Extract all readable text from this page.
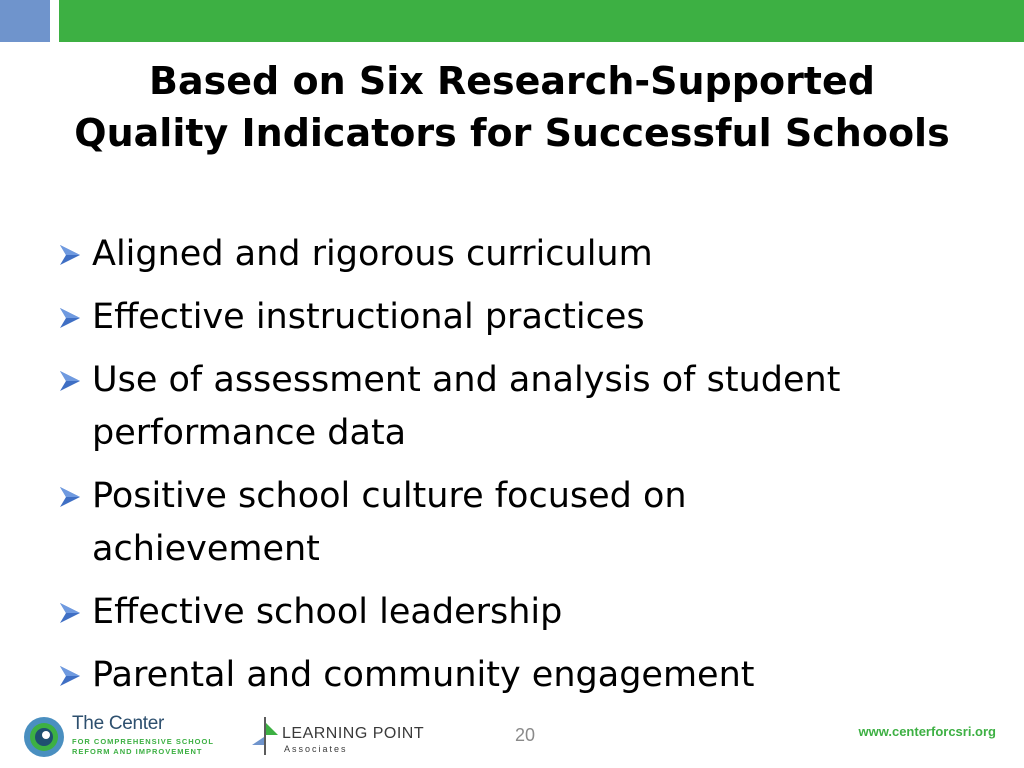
Based on Six Research-Supported
Quality Indicators for Successful Schools
Aligned and rigorous curriculum
Effective instructional practices
Use of assessment and analysis of student
performance data
Positive school culture focused on
achievement
Effective school leadership
Parental and community engagement
The Center
FOR COMPREHENSIVE SCHOOL
REFORM AND IMPROVEMENT
LEARNING POINT
Associates
20	www.centerforcsri.org
